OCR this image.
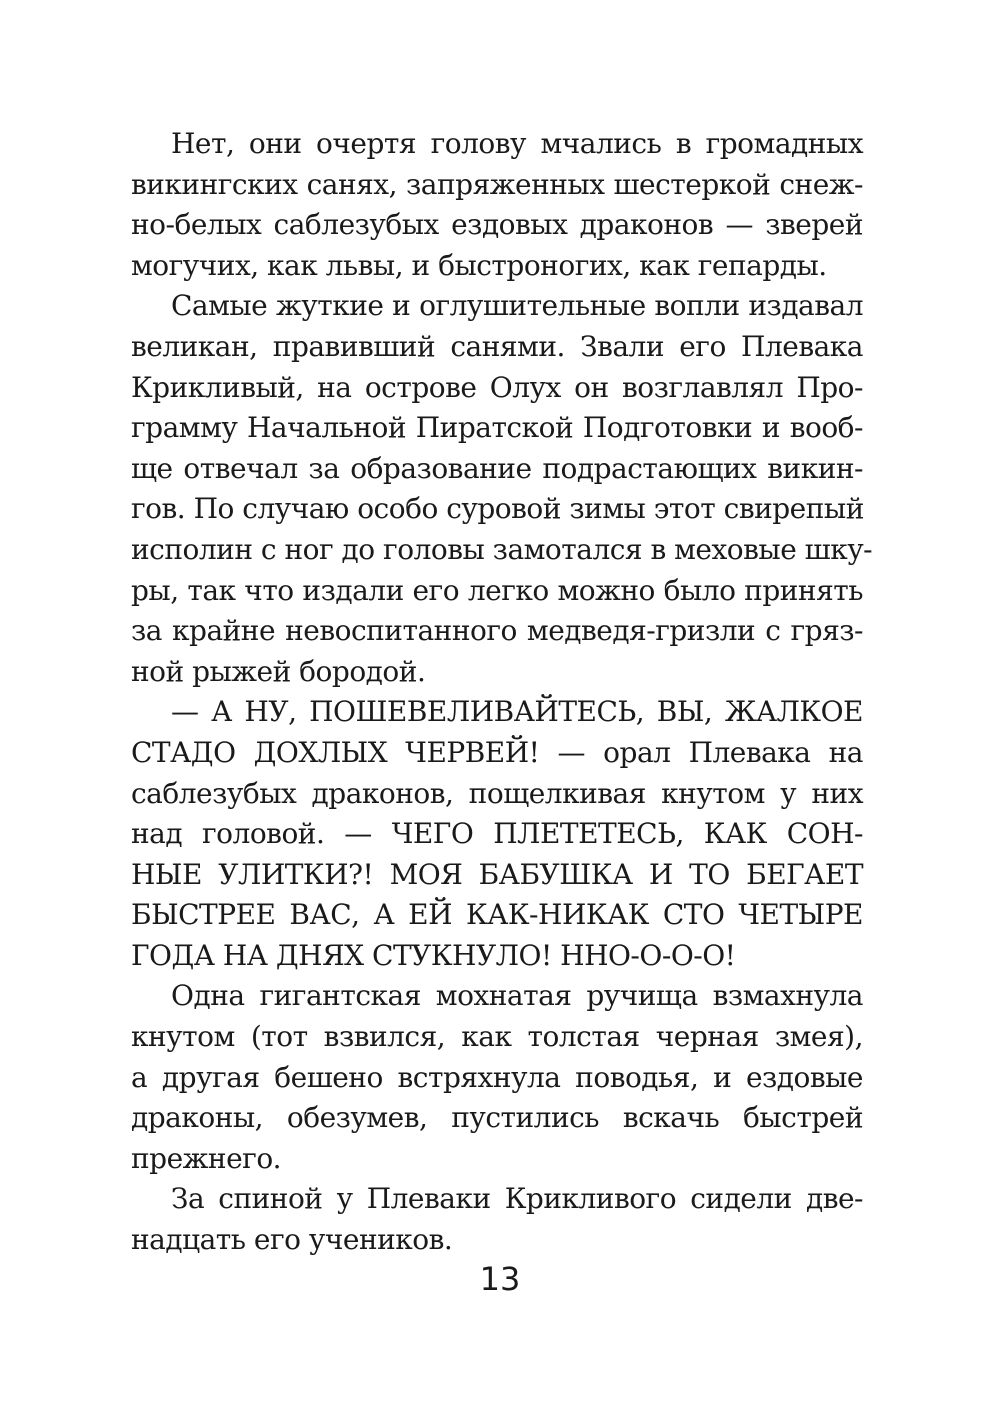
Нет, они очертя голову мчались в громадных
викингских санях, запряженных шестеркой снеж-
но-белых саблезубых ездовых драконов — зверей
могучих, как львы, и быстроногих, как гепарды.
Самые жуткие и оглушительные вопли издавал
великан, правивший санями. Звали его Плевака
Крикливый, на острове Олух он возглавлял Про-
грамму Начальной Пиратской Подготовки и вооб-
ще отвечал за образование подрастающих викин-
гов. По случаю особо суровой зимы этот свирепый
исполин с ног до головы замотался в меховые шку-
ры, так что издали его легко можно было принять
за крайне невоспитанного медведя-гризли с гряз-
ной рыжей бородой.
— А НУ, ПОШЕВЕЛИВАЙТЕСЬ, ВЫ, ЖАЛКОЕ
СТАДО ДОХЛЫХ ЧЕРВЕЙ! — орал Плевака на
саблезубых драконов, пощелкивая кнутом у них
над головой. — ЧЕГО ПЛЕТЕТЕСЬ, КАК СОН-
НЫЕ УЛИТКИ?! МОЯ БАБУШКА И ТО БЕГАЕТ
БЫСТРЕЕ ВАС, А ЕЙ КАК-НИКАК СТО ЧЕТЫРЕ
ГОДА НА ДНЯХ СТУКНУЛО! ННО-О-О-О!
Одна гигантская мохнатая ручища взмахнула
кнутом (тот взвился, как толстая черная змея),
а другая бешено встряхнула поводья, и ездовые
драконы, обезумев, пустились вскачь быстрей
прежнего.
За спиной у Плеваки Крикливого сидели две-
надцать его учеников.
13
